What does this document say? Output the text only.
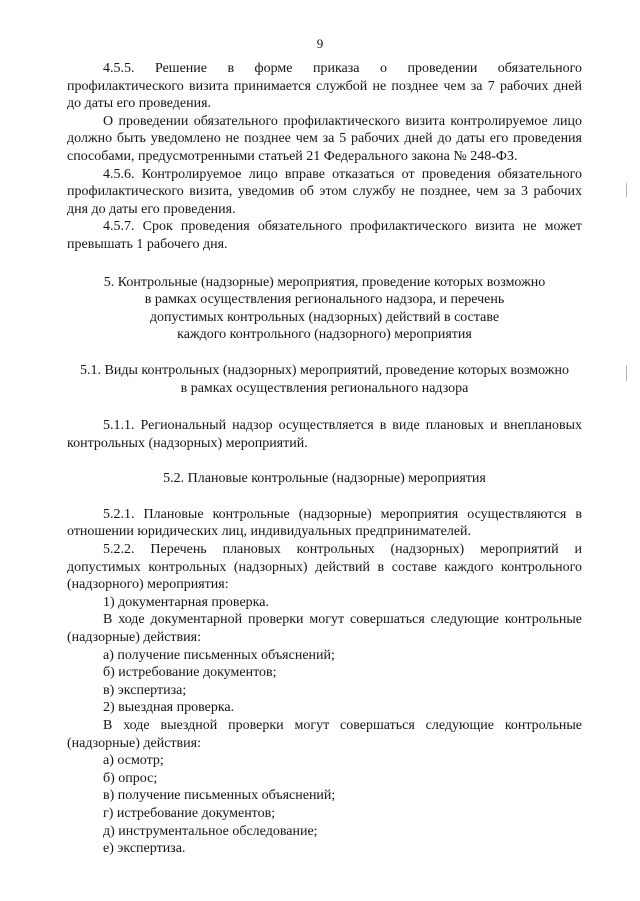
9

4.5.5. Решение в форме приказа о проведении обязательного профилактического визита принимается службой не позднее чем за 7 рабочих дней до даты его проведения.

О проведении обязательного профилактического визита контролируемое лицо должно быть уведомлено не позднее чем за 5 рабочих дней до даты его проведения способами, предусмотренными статьей 21 Федерального закона № 248-ФЗ.

4.5.6. Контролируемое лицо вправе отказаться от проведения обязательного профилактического визита, уведомив об этом службу не позднее, чем за 3 рабочих дня до даты его проведения.

4.5.7. Срок проведения обязательного профилактического визита не может превышать 1 рабочего дня.

5. Контрольные (надзорные) мероприятия, проведение которых возможно

в рамках осуществления регионального надзора, и перечень

допустимых контрольных (надзорных) действий в составе

каждого контрольного (надзорного) мероприятия

5.1. Виды контрольных (надзорных) мероприятий, проведение которых возможно

в рамках осуществления регионального надзора

5.1.1. Региональный надзор осуществляется в виде плановых и внеплановых контрольных (надзорных) мероприятий.

5.2. Плановые контрольные (надзорные) мероприятия

5.2.1. Плановые контрольные (надзорные) мероприятия осуществляются в отношении юридических лиц, индивидуальных предпринимателей.

5.2.2. Перечень плановых контрольных (надзорных) мероприятий и допустимых контрольных (надзорных) действий в составе каждого контрольного (надзорного) мероприятия:

1) документарная проверка.

В ходе документарной проверки могут совершаться следующие контрольные (надзорные) действия:

а) получение письменных объяснений;

б) истребование документов;

в) экспертиза;

2) выездная проверка.

В ходе выездной проверки могут совершаться следующие контрольные (надзорные) действия:

а) осмотр;

б) опрос;

в) получение письменных объяснений;

г) истребование документов;

д) инструментальное обследование;

е) экспертиза.
